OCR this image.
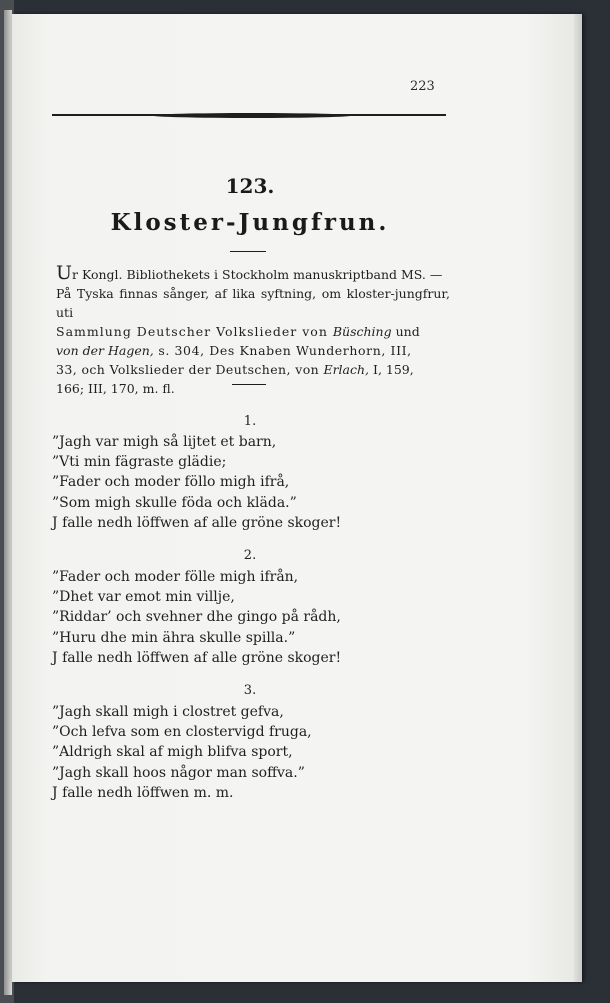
223
123.
Kloster-Jungfrun.
Ur Kongl. Bibliothekets i Stockholm manuskriptband MS. —
På Tyska finnas sånger, af lika syftning, om kloster-jungfrur, uti
Sammlung Deutscher Volkslieder von Büsching und
von der Hagen, s. 304, Des Knaben Wunderhorn, III,
33, och Volkslieder der Deutschen, von Erlach, I, 159,
166; III, 170, m. fl.
1.
”Jagh var migh så lijtet et barn,
”Vti min fägraste glädie;
”Fader och moder föllo migh ifrå,
”Som migh skulle föda och kläda.”
J falle nedh löffwen af alle gröne skoger!
2.
”Fader och moder fölle migh ifrån,
”Dhet var emot min villje,
”Riddar’ och svehner dhe gingo på rådh,
”Huru dhe min ähra skulle spilla.”
J falle nedh löffwen af alle gröne skoger!
3.
”Jagh skall migh i clostret gefva,
”Och lefva som en clostervigd fruga,
”Aldrigh skal af migh blifva sport,
”Jagh skall hoos någor man soffva.”
J falle nedh löffwen m. m.
